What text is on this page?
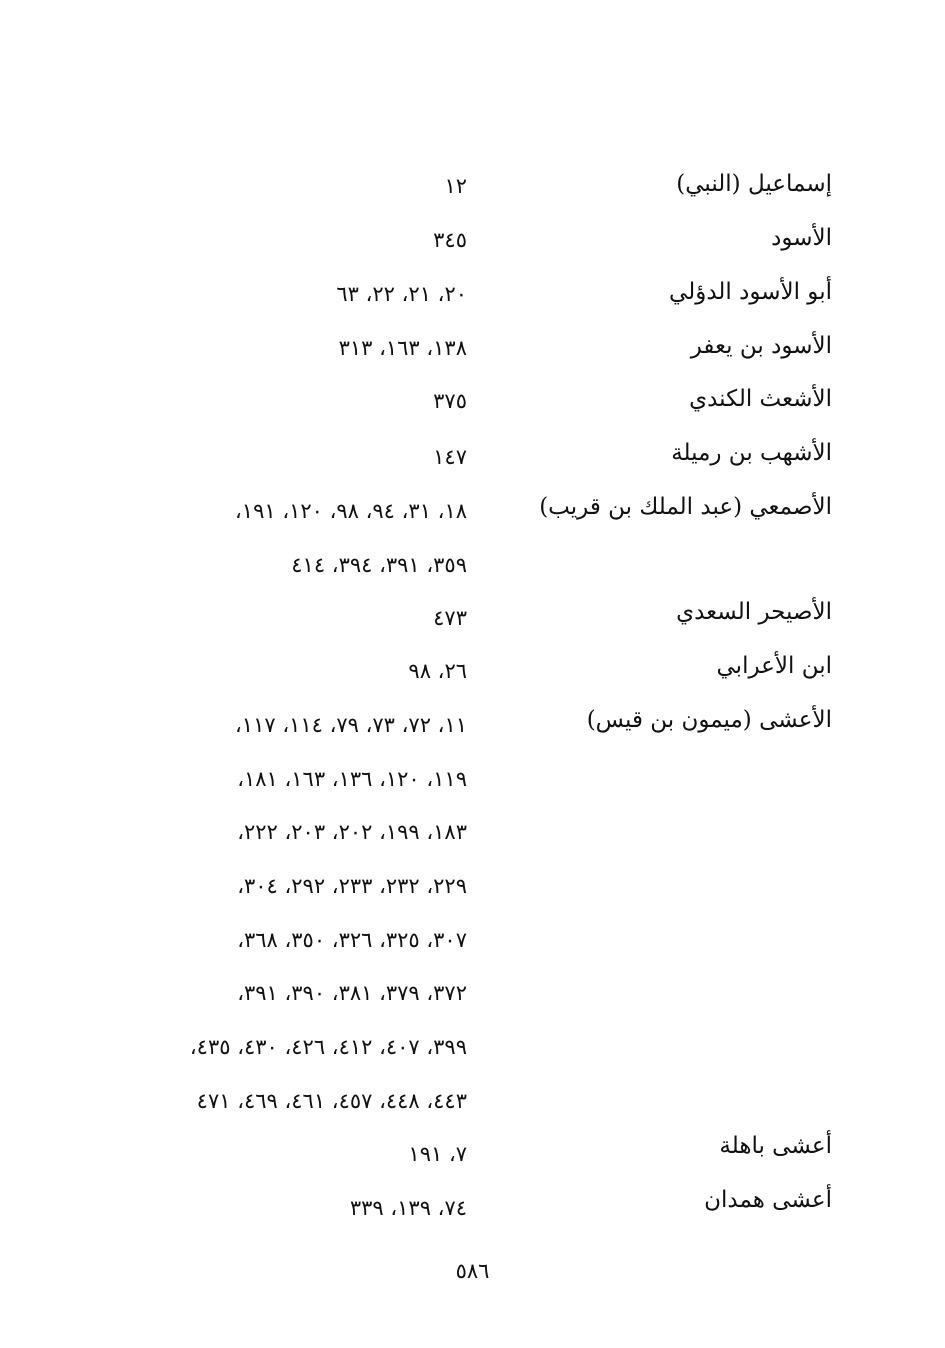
إسماعيل (النبي)
١٢
الأسود
٣٤٥
أبو الأسود الدؤلي
٢٠، ٢١، ٢٢، ٦٣
الأسود بن يعفر
١٣٨، ١٦٣، ٣١٣
الأشعث الكندي
٣٧٥
الأشهب بن رميلة
١٤٧
الأصمعي (عبد الملك بن قريب)
١٨، ٣١، ٩٤، ٩٨، ١٢٠، ١٩١،
٣٥٩، ٣٩١، ٣٩٤، ٤١٤
الأصيحر السعدي
٤٧٣
ابن الأعرابي
٢٦، ٩٨
الأعشى (ميمون بن قيس)
١١، ٧٢، ٧٣، ٧٩، ١١٤، ١١٧،
١١٩، ١٢٠، ١٣٦، ١٦٣، ١٨١،
١٨٣، ١٩٩، ٢٠٢، ٢٠٣، ٢٢٢،
٢٢٩، ٢٣٢، ٢٣٣، ٢٩٢، ٣٠٤،
٣٠٧، ٣٢٥، ٣٢٦، ٣٥٠، ٣٦٨،
٣٧٢، ٣٧٩، ٣٨١، ٣٩٠، ٣٩١،
٣٩٩، ٤٠٧، ٤١٢، ٤٢٦، ٤٣٠، ٤٣٥،
٤٤٣، ٤٤٨، ٤٥٧، ٤٦١، ٤٦٩، ٤٧١
أعشى باهلة
٧، ١٩١
أعشى همدان
٧٤، ١٣٩، ٣٣٩
٥٨٦
